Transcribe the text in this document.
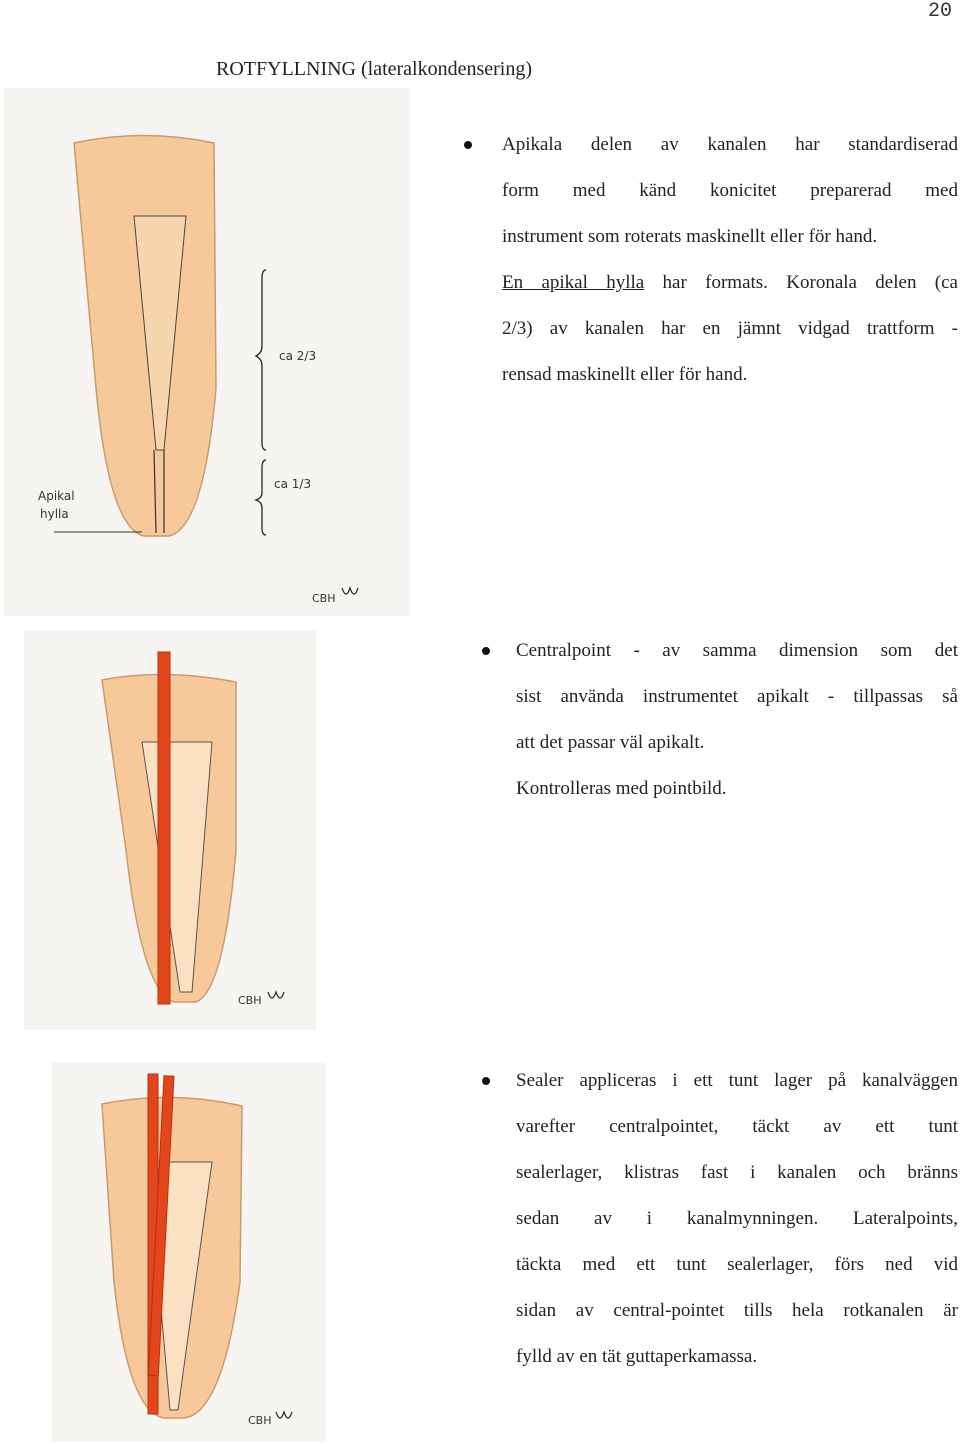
20
ROTFYLLNING (lateralkondensering)
ca 2/3
ca 1/3
Apikal
hylla
CBH
Apikala delen av kanalen har standardiserad
form med känd konicitet preparerad med
instrument som roterats maskinellt eller för hand.
En apikal hylla har formats. Koronala delen (ca
2/3) av kanalen har en jämnt vidgad trattform -
rensad maskinellt eller för hand.
CBH
Centralpoint - av samma dimension som det
sist använda instrumentet apikalt - tillpassas så
att det passar väl apikalt.
Kontrolleras med pointbild.
CBH
Sealer appliceras i ett tunt lager på kanalväggen
varefter centralpointet, täckt av ett tunt
sealerlager, klistras fast i kanalen och bränns
sedan av i kanalmynningen. Lateralpoints,
täckta med ett tunt sealerlager, förs ned vid
sidan av central-pointet tills hela rotkanalen är
fylld av en tät guttaperkamassa.
